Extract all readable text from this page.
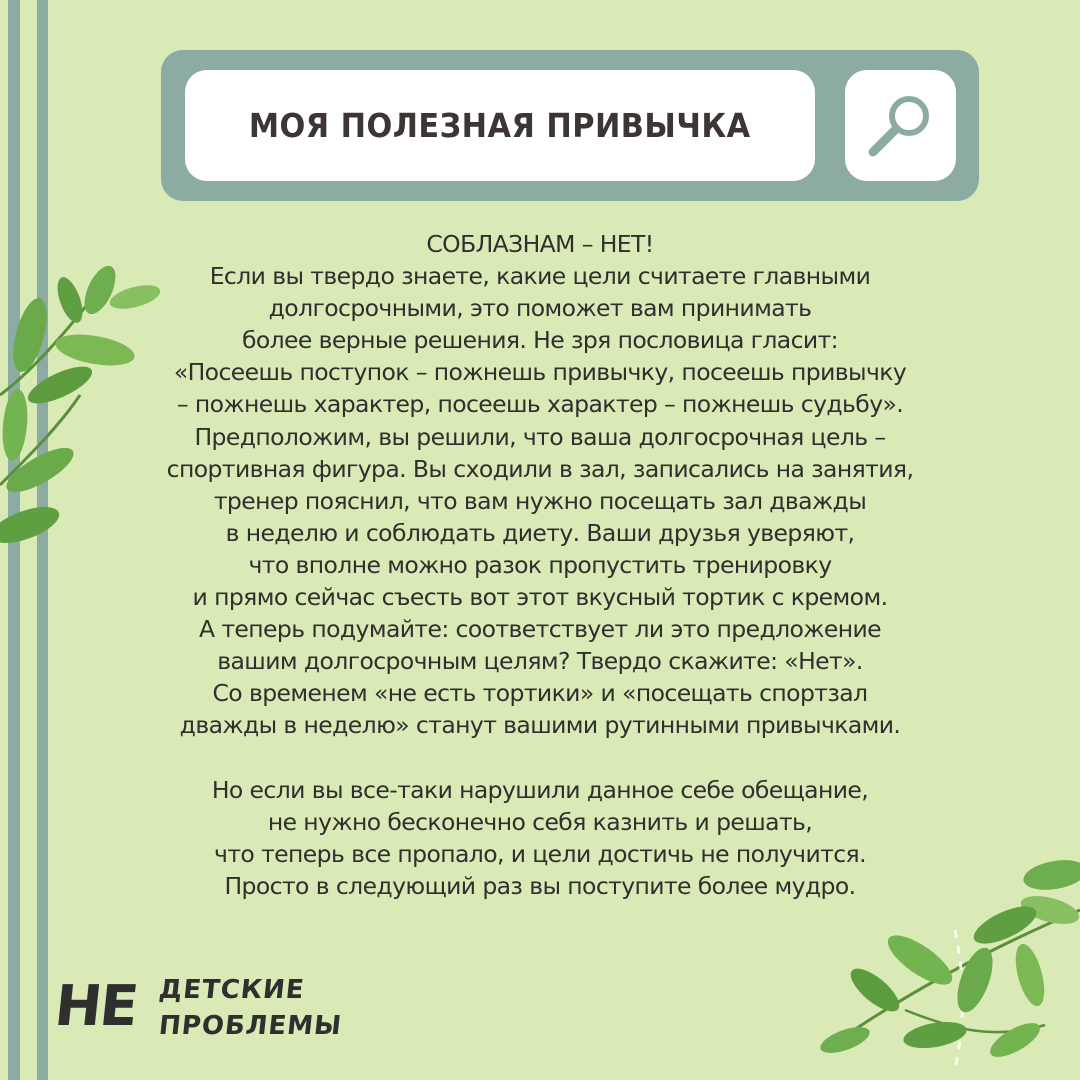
МОЯ ПОЛЕЗНАЯ ПРИВЫЧКА
СОБЛАЗНАМ – НЕТ!
Если вы твердо знаете, какие цели считаете главными
долгосрочными, это поможет вам принимать
более верные решения. Не зря пословица гласит:
«Посеешь поступок – пожнешь привычку, посеешь привычку
– пожнешь характер, посеешь характер – пожнешь судьбу».
Предположим, вы решили, что ваша долгосрочная цель –
спортивная фигура. Вы сходили в зал, записались на занятия,
тренер пояснил, что вам нужно посещать зал дважды
в неделю и соблюдать диету. Ваши друзья уверяют,
что вполне можно разок пропустить тренировку
и прямо сейчас съесть вот этот вкусный тортик с кремом.
А теперь подумайте: соответствует ли это предложение
вашим долгосрочным целям? Твердо скажите: «Нет».
Со временем «не есть тортики» и «посещать спортзал
дважды в неделю» станут вашими рутинными привычками.
Но если вы все-таки нарушили данное себе обещание,
не нужно бесконечно себя казнить и решать,
что теперь все пропало, и цели достичь не получится.
Просто в следующий раз вы поступите более мудро.
НЕ ДЕТСКИЕ
ПРОБЛЕМЫ
